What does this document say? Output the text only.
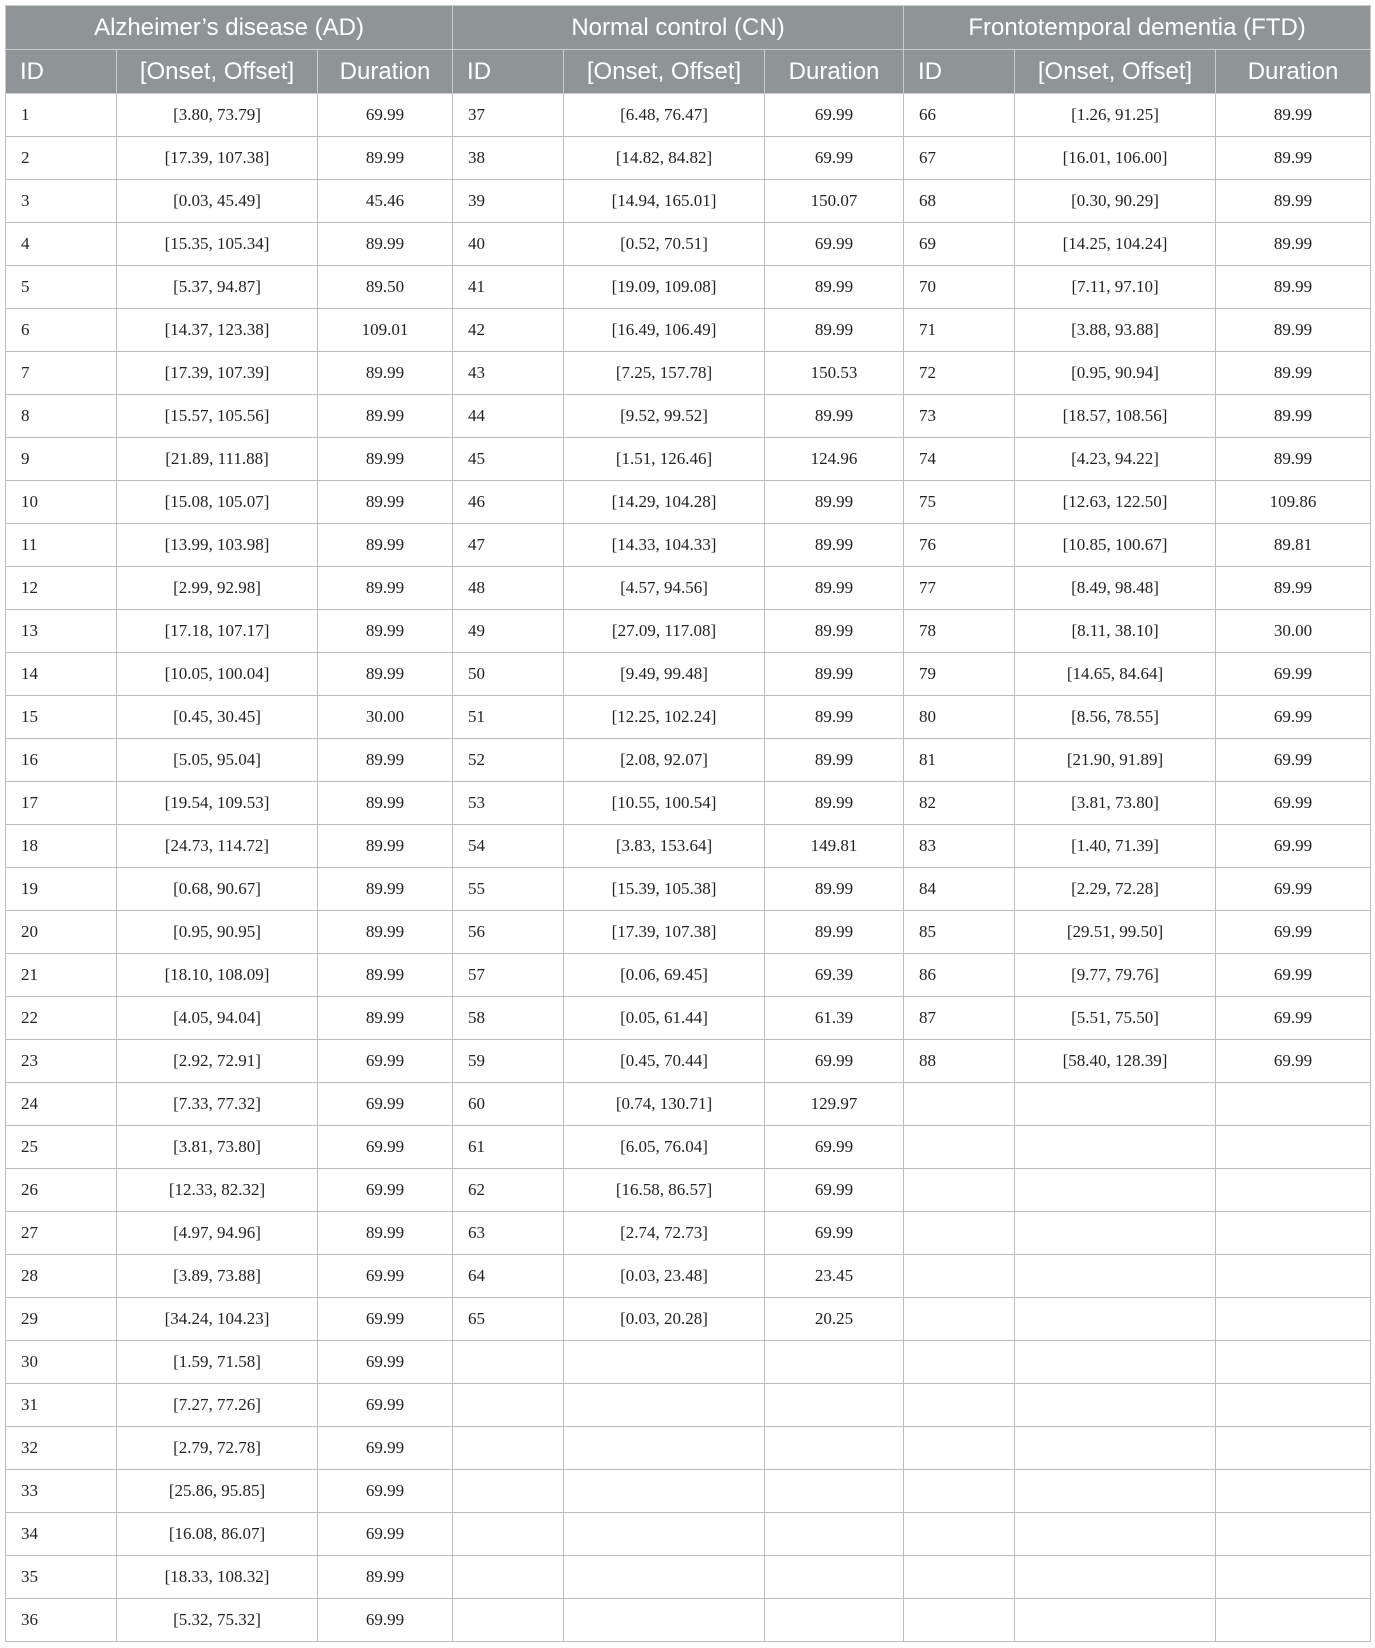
Alzheimer’s disease (AD)			Normal control (CN)			Frontotemporal dementia (FTD)		
ID	[Onset, Offset]	Duration	ID	[Onset, Offset]	Duration	ID	[Onset, Offset]	Duration
1	[3.80, 73.79]	69.99	37	[6.48, 76.47]	69.99	66	[1.26, 91.25]	89.99
2	[17.39, 107.38]	89.99	38	[14.82, 84.82]	69.99	67	[16.01, 106.00]	89.99
3	[0.03, 45.49]	45.46	39	[14.94, 165.01]	150.07	68	[0.30, 90.29]	89.99
4	[15.35, 105.34]	89.99	40	[0.52, 70.51]	69.99	69	[14.25, 104.24]	89.99
5	[5.37, 94.87]	89.50	41	[19.09, 109.08]	89.99	70	[7.11, 97.10]	89.99
6	[14.37, 123.38]	109.01	42	[16.49, 106.49]	89.99	71	[3.88, 93.88]	89.99
7	[17.39, 107.39]	89.99	43	[7.25, 157.78]	150.53	72	[0.95, 90.94]	89.99
8	[15.57, 105.56]	89.99	44	[9.52, 99.52]	89.99	73	[18.57, 108.56]	89.99
9	[21.89, 111.88]	89.99	45	[1.51, 126.46]	124.96	74	[4.23, 94.22]	89.99
10	[15.08, 105.07]	89.99	46	[14.29, 104.28]	89.99	75	[12.63, 122.50]	109.86
11	[13.99, 103.98]	89.99	47	[14.33, 104.33]	89.99	76	[10.85, 100.67]	89.81
12	[2.99, 92.98]	89.99	48	[4.57, 94.56]	89.99	77	[8.49, 98.48]	89.99
13	[17.18, 107.17]	89.99	49	[27.09, 117.08]	89.99	78	[8.11, 38.10]	30.00
14	[10.05, 100.04]	89.99	50	[9.49, 99.48]	89.99	79	[14.65, 84.64]	69.99
15	[0.45, 30.45]	30.00	51	[12.25, 102.24]	89.99	80	[8.56, 78.55]	69.99
16	[5.05, 95.04]	89.99	52	[2.08, 92.07]	89.99	81	[21.90, 91.89]	69.99
17	[19.54, 109.53]	89.99	53	[10.55, 100.54]	89.99	82	[3.81, 73.80]	69.99
18	[24.73, 114.72]	89.99	54	[3.83, 153.64]	149.81	83	[1.40, 71.39]	69.99
19	[0.68, 90.67]	89.99	55	[15.39, 105.38]	89.99	84	[2.29, 72.28]	69.99
20	[0.95, 90.95]	89.99	56	[17.39, 107.38]	89.99	85	[29.51, 99.50]	69.99
21	[18.10, 108.09]	89.99	57	[0.06, 69.45]	69.39	86	[9.77, 79.76]	69.99
22	[4.05, 94.04]	89.99	58	[0.05, 61.44]	61.39	87	[5.51, 75.50]	69.99
23	[2.92, 72.91]	69.99	59	[0.45, 70.44]	69.99	88	[58.40, 128.39]	69.99
24	[7.33, 77.32]	69.99	60	[0.74, 130.71]	129.97			
25	[3.81, 73.80]	69.99	61	[6.05, 76.04]	69.99			
26	[12.33, 82.32]	69.99	62	[16.58, 86.57]	69.99			
27	[4.97, 94.96]	89.99	63	[2.74, 72.73]	69.99			
28	[3.89, 73.88]	69.99	64	[0.03, 23.48]	23.45			
29	[34.24, 104.23]	69.99	65	[0.03, 20.28]	20.25			
30	[1.59, 71.58]	69.99						
31	[7.27, 77.26]	69.99						
32	[2.79, 72.78]	69.99						
33	[25.86, 95.85]	69.99						
34	[16.08, 86.07]	69.99						
35	[18.33, 108.32]	89.99						
36	[5.32, 75.32]	69.99						
